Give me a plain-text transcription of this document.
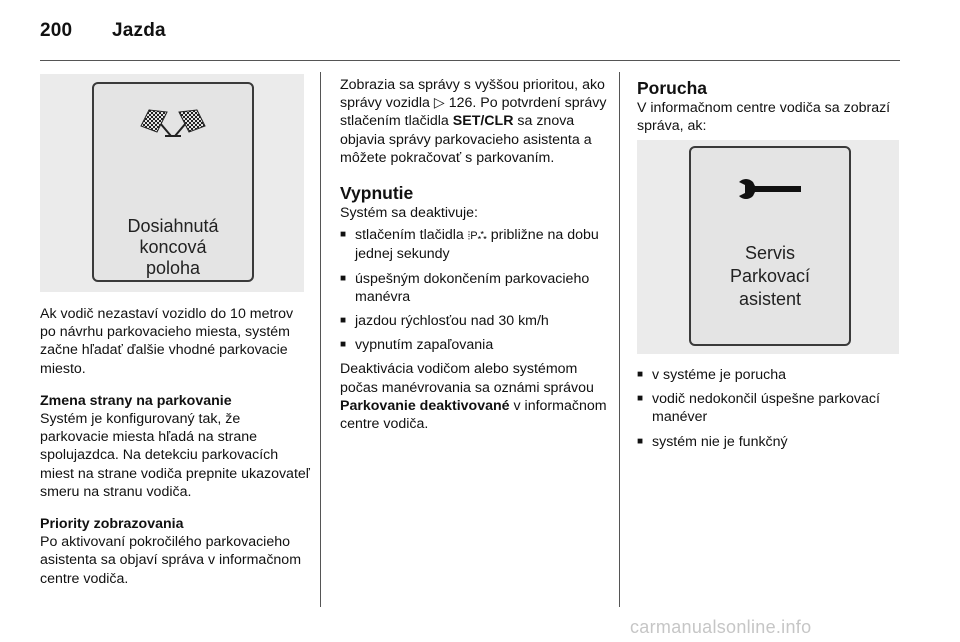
200 Jazda
Dosiahnutá
koncová
poloha

Ak vodič nezastaví vozidlo do 10 metrov po návrhu parkovacieho miesta, systém začne hľadať ďalšie vhodné parkovacie miesto.

Zmena strany na parkovanie

Systém je konfigurovaný tak, že parkovacie miesta hľadá na strane spolujazdca. Na detekciu parkovacích miest na strane vodiča prepnite ukazovateľ smeru na stranu vodiča.

Priority zobrazovania

Po aktivovaní pokročilého parkovacieho asistenta sa objaví správa v informačnom centre vodiča.

Zobrazia sa správy s vyššou prioritou, ako správy vozidla ▷ 126. Po potvrdení správy stlačením tlačidla SET/CLR sa znova objavia správy parkovacieho asistenta a môžete pokračovať s parkovaním.

Vypnutie

Systém sa deaktivuje:

■ stlačením tlačidla ⦙P⁂ približne na dobu jednej sekundy
■ úspešným dokončením parkovacieho manévra
■ jazdou rýchlosťou nad 30 km/h
■ vypnutím zapaľovania

Deaktivácia vodičom alebo systémom počas manévrovania sa oznámi správou Parkovanie deaktivované v informačnom centre vodiča.

Porucha

V informačnom centre vodiča sa zobrazí správa, ak:

Servis
Parkovací
asistent
■ v systéme je porucha
■ vodič nedokončil úspešne parkovací manéver
■ systém nie je funkčný
carmanualsonline.info
